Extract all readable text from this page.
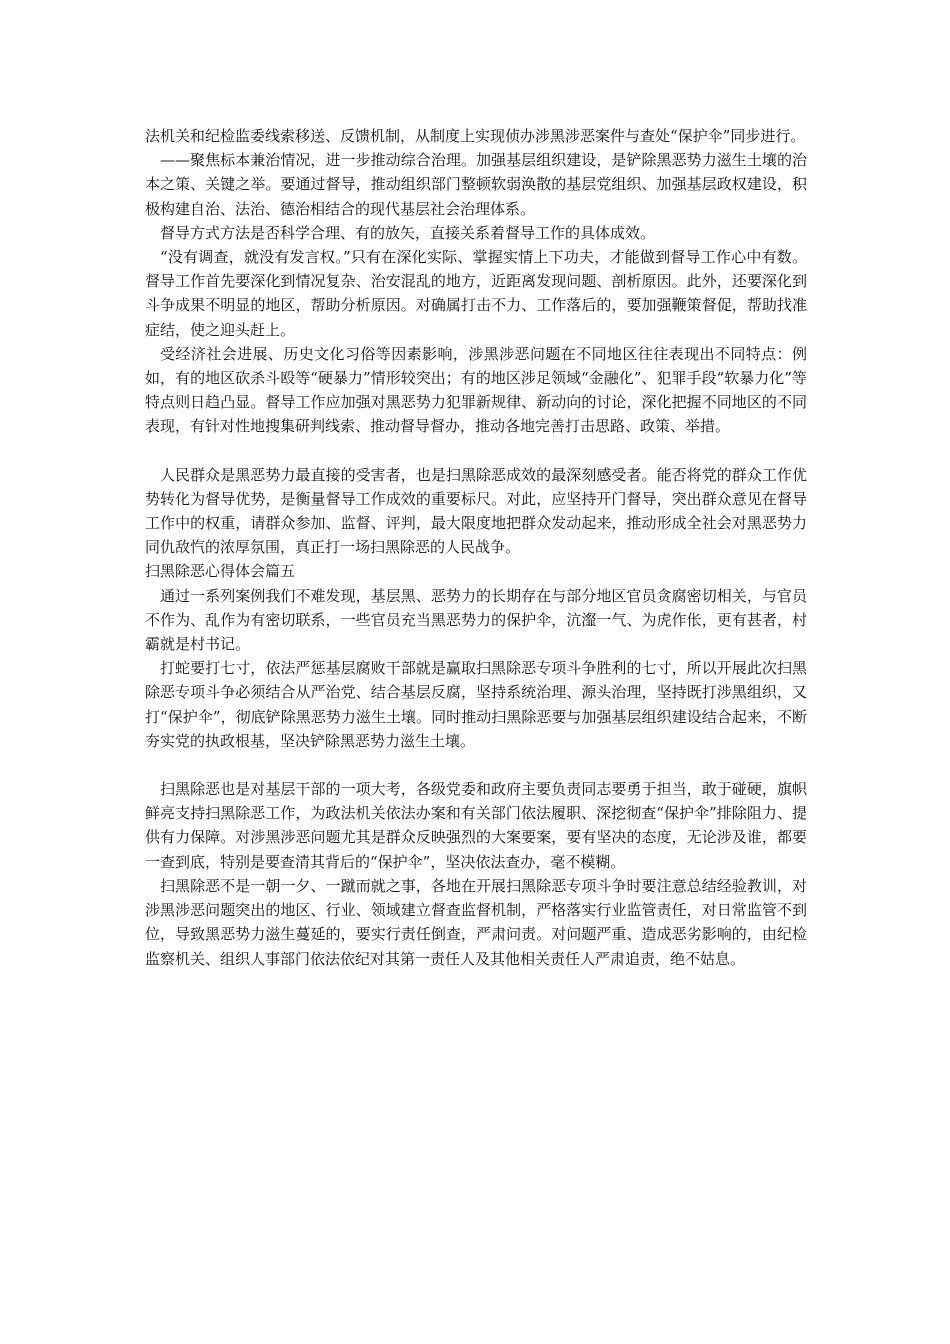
法机关和纪检监委线索移送、反馈机制，从制度上实现侦办涉黑涉恶案件与查处“保护伞”同步进行。

——聚焦标本兼治情况，进一步推动综合治理。加强基层组织建设，是铲除黑恶势力滋生土壤的治本之策、关键之举。要通过督导，推动组织部门整顿软弱涣散的基层党组织、加强基层政权建设，积极构建自治、法治、德治相结合的现代基层社会治理体系。

督导方式方法是否科学合理、有的放矢，直接关系着督导工作的具体成效。

“没有调查，就没有发言权。”只有在深化实际、掌握实情上下功夫，才能做到督导工作心中有数。督导工作首先要深化到情况复杂、治安混乱的地方，近距离发现问题、剖析原因。此外，还要深化到斗争成果不明显的地区，帮助分析原因。对确属打击不力、工作落后的，要加强鞭策督促，帮助找准症结，使之迎头赶上。

受经济社会进展、历史文化习俗等因素影响，涉黑涉恶问题在不同地区往往表现出不同特点：例如，有的地区砍杀斗殴等“硬暴力”情形较突出；有的地区涉足领域“金融化”、犯罪手段“软暴力化”等特点则日趋凸显。督导工作应加强对黑恶势力犯罪新规律、新动向的讨论，深化把握不同地区的不同表现，有针对性地搜集研判线索、推动督导督办，推动各地完善打击思路、政策、举措。

人民群众是黑恶势力最直接的受害者，也是扫黑除恶成效的最深刻感受者。能否将党的群众工作优势转化为督导优势，是衡量督导工作成效的重要标尺。对此，应坚持开门督导，突出群众意见在督导工作中的权重，请群众参加、监督、评判，最大限度地把群众发动起来，推动形成全社会对黑恶势力同仇敌忾的浓厚氛围，真正打一场扫黑除恶的人民战争。

扫黑除恶心得体会篇五

通过一系列案例我们不难发现，基层黑、恶势力的长期存在与部分地区官员贪腐密切相关，与官员不作为、乱作为有密切联系，一些官员充当黑恶势力的保护伞，沆瀣一气、为虎作伥，更有甚者，村霸就是村书记。

打蛇要打七寸，依法严惩基层腐败干部就是赢取扫黑除恶专项斗争胜利的七寸，所以开展此次扫黑除恶专项斗争必须结合从严治党、结合基层反腐，坚持系统治理、源头治理，坚持既打涉黑组织，又打“保护伞”，彻底铲除黑恶势力滋生土壤。同时推动扫黑除恶要与加强基层组织建设结合起来，不断夯实党的执政根基，坚决铲除黑恶势力滋生土壤。

扫黑除恶也是对基层干部的一项大考，各级党委和政府主要负责同志要勇于担当，敢于碰硬，旗帜鲜亮支持扫黑除恶工作，为政法机关依法办案和有关部门依法履职、深挖彻查“保护伞”排除阻力、提供有力保障。对涉黑涉恶问题尤其是群众反映强烈的大案要案，要有坚决的态度，无论涉及谁，都要一查到底，特别是要查清其背后的“保护伞”，坚决依法查办，毫不模糊。

扫黑除恶不是一朝一夕、一蹴而就之事，各地在开展扫黑除恶专项斗争时要注意总结经验教训，对涉黑涉恶问题突出的地区、行业、领域建立督查监督机制，严格落实行业监管责任，对日常监管不到位，导致黑恶势力滋生蔓延的，要实行责任倒查，严肃问责。对问题严重、造成恶劣影响的，由纪检监察机关、组织人事部门依法依纪对其第一责任人及其他相关责任人严肃追责，绝不姑息。
